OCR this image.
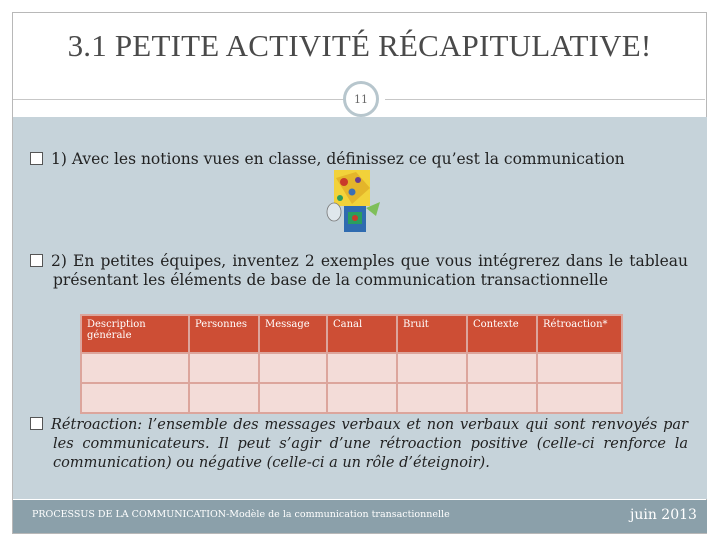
3.1 PETITE ACTIVITÉ RÉCAPITULATIVE!
11
1) Avec les notions vues en classe, définissez ce qu’est la communication
2) En petites équipes, inventez 2 exemples que vous intégrerez dans le tableau présentant les éléments de base de la communication transactionnelle
Description générale	Personnes	Message	Canal	Bruit	Contexte	Rétroaction*

Rétroaction: l’ensemble des messages verbaux et non verbaux qui sont renvoyés par les communicateurs. Il peut s’agir d’une rétroaction positive (celle-ci renforce la communication) ou négative (celle-ci a un rôle d’éteignoir).
PROCESSUS DE LA COMMUNICATION-Modèle de la communication transactionnelle	juin 2013
